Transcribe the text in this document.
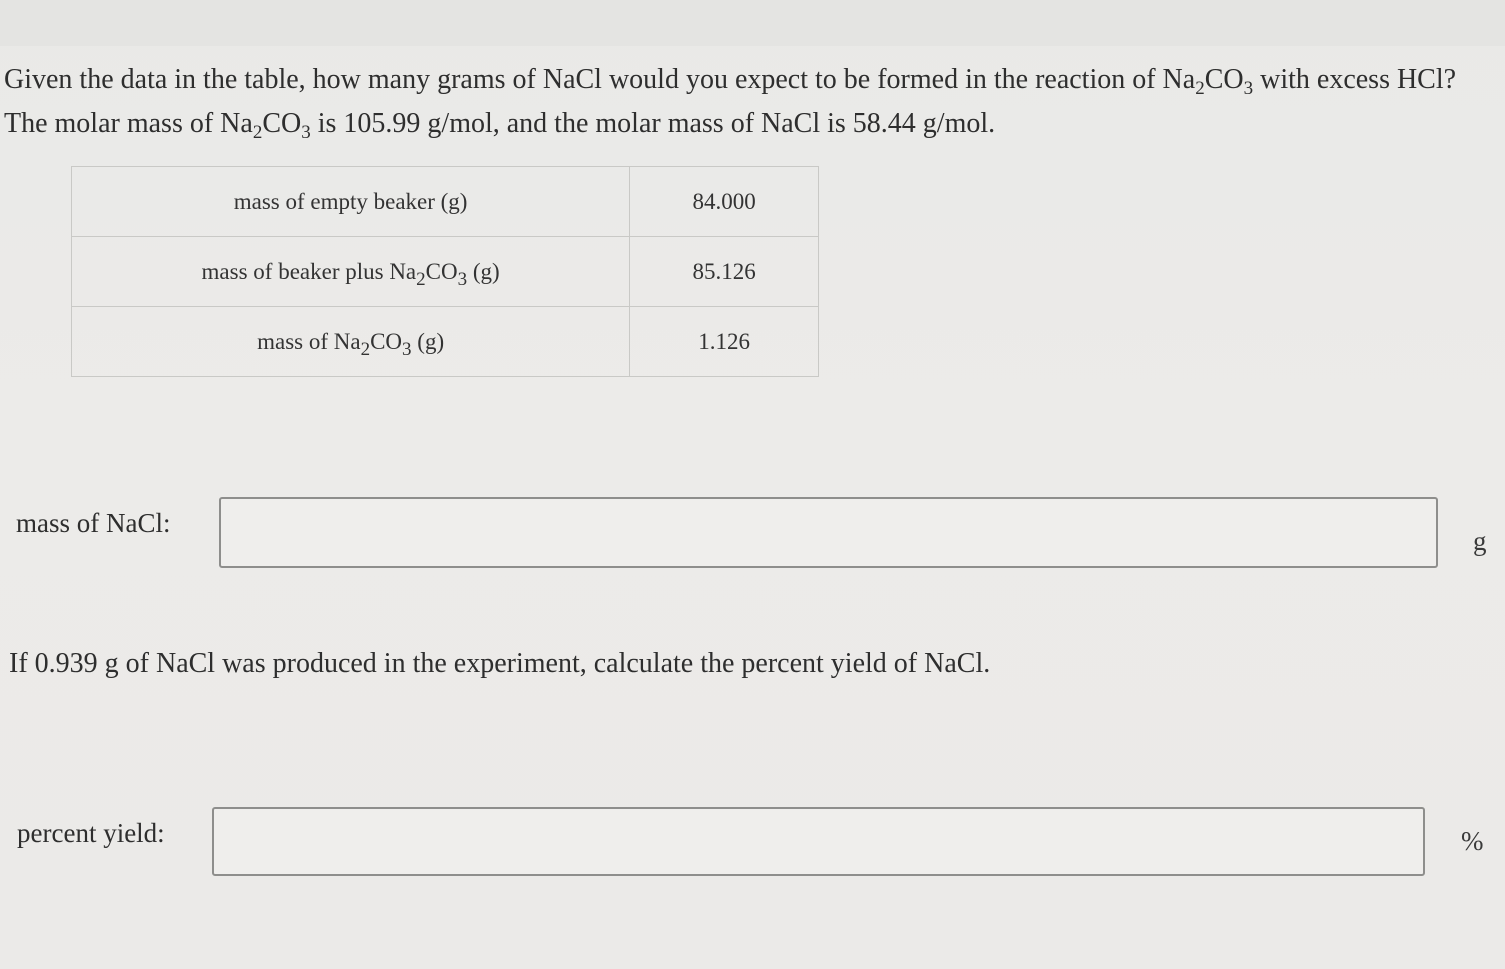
Given the data in the table, how many grams of NaCl would you expect to be formed in the reaction of $Na_2CO_3$ with excess HCl? The molar mass of $Na_2CO_3$ is 105.99 g/mol, and the molar mass of NaCl is 58.44 g/mol.
mass of empty beaker (g)	84.000
mass of beaker plus $Na_2CO_3$ (g)	85.126
mass of $Na_2CO_3$ (g)	1.126
mass of NaCl:
g
If 0.939 g of NaCl was produced in the experiment, calculate the percent yield of NaCl.
percent yield:	%
